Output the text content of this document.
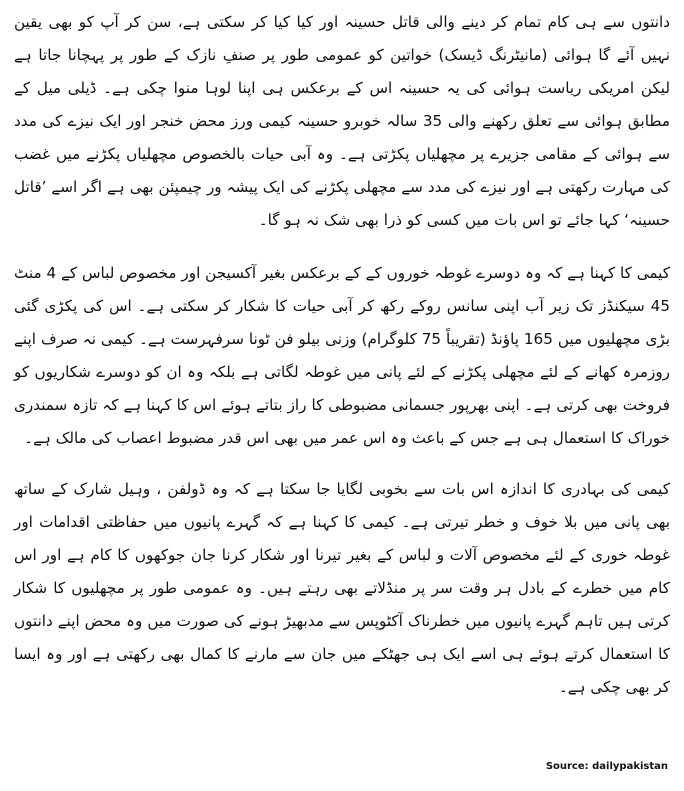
دانتوں سے ہی کام تمام کر دینے والی قاتل حسینہ اور کیا کیا کر سکتی ہے، سن کر آپ کو بھی یقین نہیں آئے گا ہوائی (مانیٹرنگ ڈیسک) خواتین کو عمومی طور پر صنفِ نازک کے طور پر پہچانا جاتا ہے لیکن امریکی ریاست ہوائی کی یہ حسینہ اس کے برعکس ہی اپنا لوہا منوا چکی ہے۔ ڈیلی میل کے مطابق ہوائی سے تعلق رکھنے والی 35 سالہ خوبرو حسینہ کیمی ورز محض خنجر اور ایک نیزے کی مدد سے ہوائی کے مقامی جزیرے پر مچھلیاں پکڑتی ہے۔ وہ آبی حیات بالخصوص مچھلیاں پکڑنے میں غضب کی مہارت رکھتی ہے اور نیزے کی مدد سے مچھلی پکڑنے کی ایک پیشہ ور چیمپئن بھی ہے اگر اسے ’قاتل حسینہ‘ کہا جائے تو اس بات میں کسی کو ذرا بھی شک نہ ہو گا۔

کیمی کا کہنا ہے کہ وہ دوسرے غوطہ خوروں کے کے برعکس بغیر آکسیجن اور مخصوص لباس کے 4 منٹ 45 سیکنڈز تک زیر آب اپنی سانس روکے رکھ کر آبی حیات کا شکار کر سکتی ہے۔ اس کی پکڑی گئی بڑی مچھلیوں میں 165 پاؤنڈ (تقریباً 75 کلوگرام) وزنی بیلو فن ٹونا سرفہرست ہے۔ کیمی نہ صرف اپنے روزمرہ کھانے کے لئے مچھلی پکڑنے کے لئے پانی میں غوطہ لگاتی ہے بلکہ وہ ان کو دوسرے شکاریوں کو فروخت بھی کرتی ہے۔ اپنی بھرپور جسمانی مضبوطی کا راز بتاتے ہوئے اس کا کہنا ہے کہ تازہ سمندری خوراک کا استعمال ہی ہے جس کے باعث وہ اس عمر میں بھی اس قدر مضبوط اعصاب کی مالک ہے۔

کیمی کی بہادری کا اندازہ اس بات سے بخوبی لگایا جا سکتا ہے کہ وہ ڈولفن ، وہیل شارک کے ساتھ بھی پانی میں بلا خوف و خطر تیرتی ہے۔ کیمی کا کہنا ہے کہ گہرے پانیوں میں حفاظتی اقدامات اور غوطہ خوری کے لئے مخصوص آلات و لباس کے بغیر تیرنا اور شکار کرنا جان جوکھوں کا کام ہے اور اس کام میں خطرے کے بادل ہر وقت سر پر منڈلاتے بھی رہتے ہیں۔ وہ عمومی طور پر مچھلیوں کا شکار کرتی ہیں تاہم گہرے پانیوں میں خطرناک آکٹوپس سے مدبھیڑ ہونے کی صورت میں وہ محض اپنے دانتوں کا استعمال کرتے ہوئے ہی اسے ایک ہی جھٹکے میں جان سے مارنے کا کمال بھی رکھتی ہے اور وہ ایسا کر بھی چکی ہے۔

Source: dailypakistan
